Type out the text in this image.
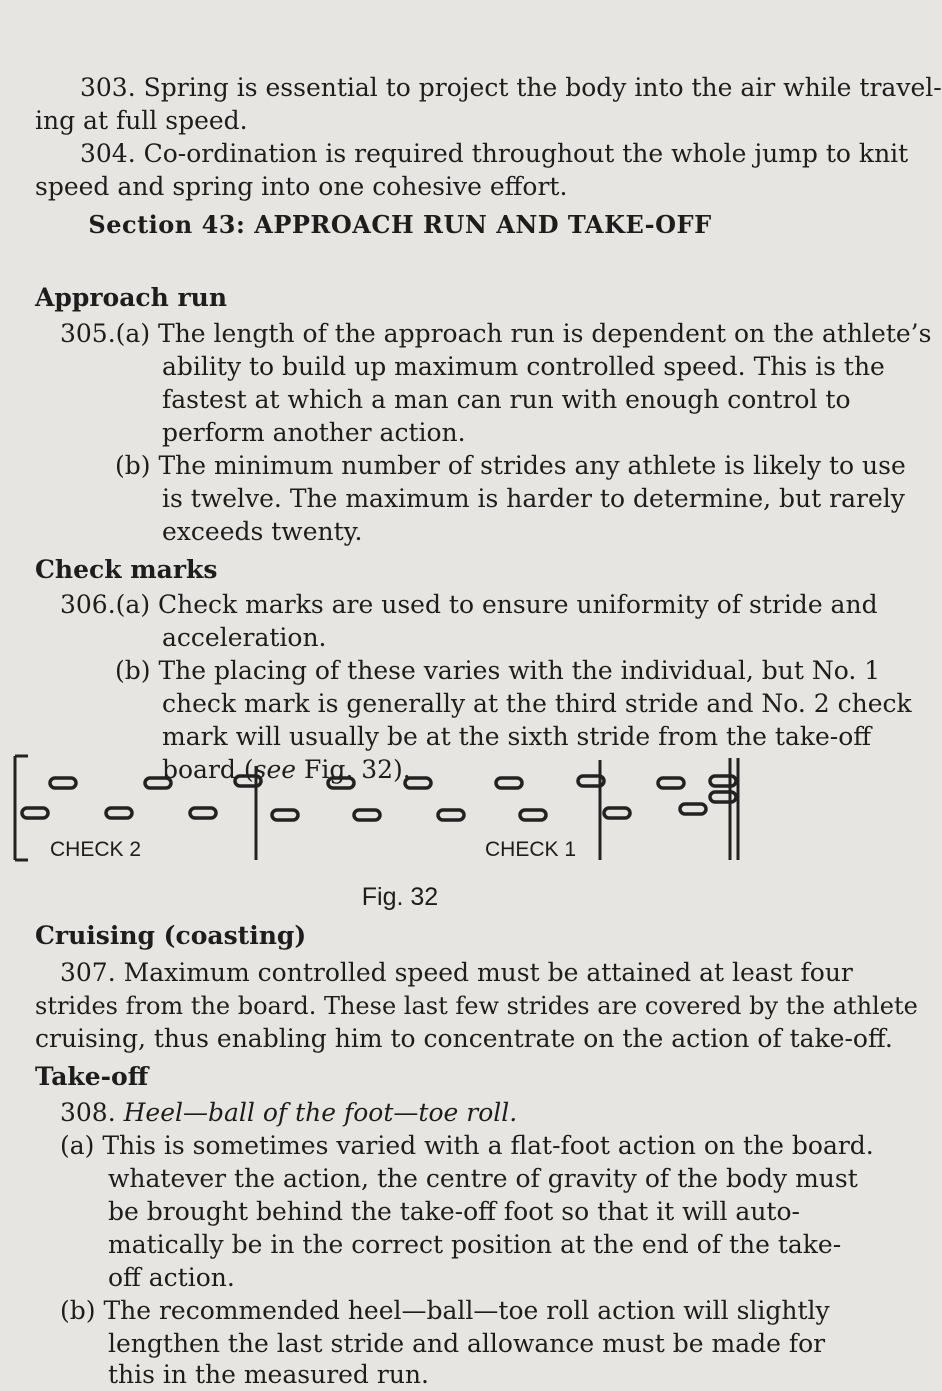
303. Spring is essential to project the body into the air while travel-
ing at full speed.
304. Co-ordination is required throughout the whole jump to knit
speed and spring into one cohesive effort.
Section 43: APPROACH RUN AND TAKE-OFF
Approach run
305.(a) The length of the approach run is dependent on the athlete’s
ability to build up maximum controlled speed. This is the
fastest at which a man can run with enough control to
perform another action.
(b) The minimum number of strides any athlete is likely to use
is twelve. The maximum is harder to determine, but rarely
exceeds twenty.
Check marks
306.(a) Check marks are used to ensure uniformity of stride and
acceleration.
(b) The placing of these varies with the individual, but No. 1
check mark is generally at the third stride and No. 2 check
mark will usually be at the sixth stride from the take-off
board (see Fig. 32).
CHECK 2	CHECK 1
Fig. 32
Cruising (coasting)
307. Maximum controlled speed must be attained at least four
strides from the board. These last few strides are covered by the athlete
cruising, thus enabling him to concentrate on the action of take-off.
Take-off
308. Heel—ball of the foot—toe roll.
(a) This is sometimes varied with a flat-foot action on the board.
whatever the action, the centre of gravity of the body must
be brought behind the take-off foot so that it will auto-
matically be in the correct position at the end of the take-
off action.
(b) The recommended heel—ball—toe roll action will slightly
lengthen the last stride and allowance must be made for
this in the measured run.
